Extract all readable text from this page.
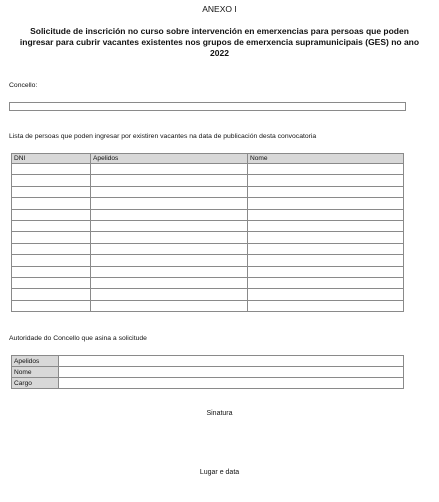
ANEXO I
Solicitude de inscrición no curso sobre intervención en emerxencias para persoas que poden ingresar para cubrir vacantes existentes nos grupos de emerxencia supramunicipais (GES) no ano 2022
Concello:
Lista de persoas que poden ingresar por existiren vacantes na data de publicación desta convocatoria
DNI	Apelidos	Nome

Autoridade do Concello que asina a solicitude
Apelidos	
Nome	
Cargo	
Sinatura
Lugar e data
